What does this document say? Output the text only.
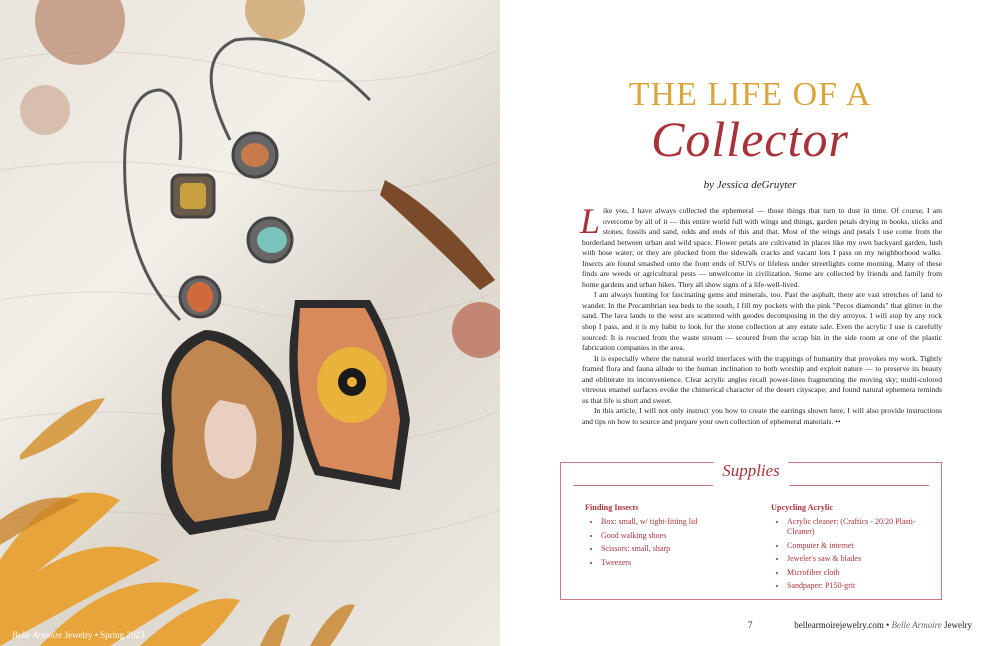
Belle Armoire Jewelry • Spring 2023
THE LIFE OF A
Collector
by Jessica deGruyter

Like you, I have always collected the ephemeral — those things that turn to dust in time. Of course, I am overcome by all of it — this entire world full with wings and things, garden petals drying in books, sticks and stones, fossils and sand, odds and ends of this and that. Most of the wings and petals I use come from the borderland between urban and wild space. Flower petals are cultivated in places like my own backyard garden, lush with hose water; or they are plucked from the sidewalk cracks and vacant lots I pass on my neighborhood walks. Insects are found smashed onto the front ends of SUVs or lifeless under streetlights come morning. Many of these finds are weeds or agricultural pests — unwelcome in civilization. Some are collected by friends and family from home gardens and urban hikes. They all show signs of a life-well-lived.

I am always hunting for fascinating gems and minerals, too. Past the asphalt, there are vast stretches of land to wander. In the Precambrian sea beds to the south, I fill my pockets with the pink "Pecos diamonds" that glitter in the sand. The lava lands to the west are scattered with geodes decomposing in the dry arroyos. I will stop by any rock shop I pass, and it is my habit to look for the stone collection at any estate sale. Even the acrylic I use is carefully sourced: It is rescued from the waste stream — scoured from the scrap bin in the side room at one of the plastic fabrication companies in the area.

It is especially where the natural world interfaces with the trappings of humanity that provokes my work. Tightly framed flora and fauna allude to the human inclination to both worship and exploit nature — to preserve its beauty and obliterate its inconvenience. Clear acrylic angles recall power-lines fragmenting the moving sky; multi-colored vitreous enamel surfaces evoke the chimerical character of the desert cityscape; and found natural ephemera reminds us that life is short and sweet.

In this article, I will not only instruct you how to create the earrings shown here, I will also provide instructions and tips on how to source and prepare your own collection of ephemeral materials. ••

7	bellearmoirejewelry.com • Belle Armoire Jewelry
Supplies
Finding Insects
• Box: small, w/ tight-fitting lid
• Good walking shoes
• Scissors: small, sharp
• Tweezers
Upcycling Acrylic
• Acrylic cleaner: (Craftics - 20/20 Plasti-Cleaner)
• Computer & internet
• Jeweler's saw & blades
• Microfiber cloth
• Sandpaper: P150-grit
